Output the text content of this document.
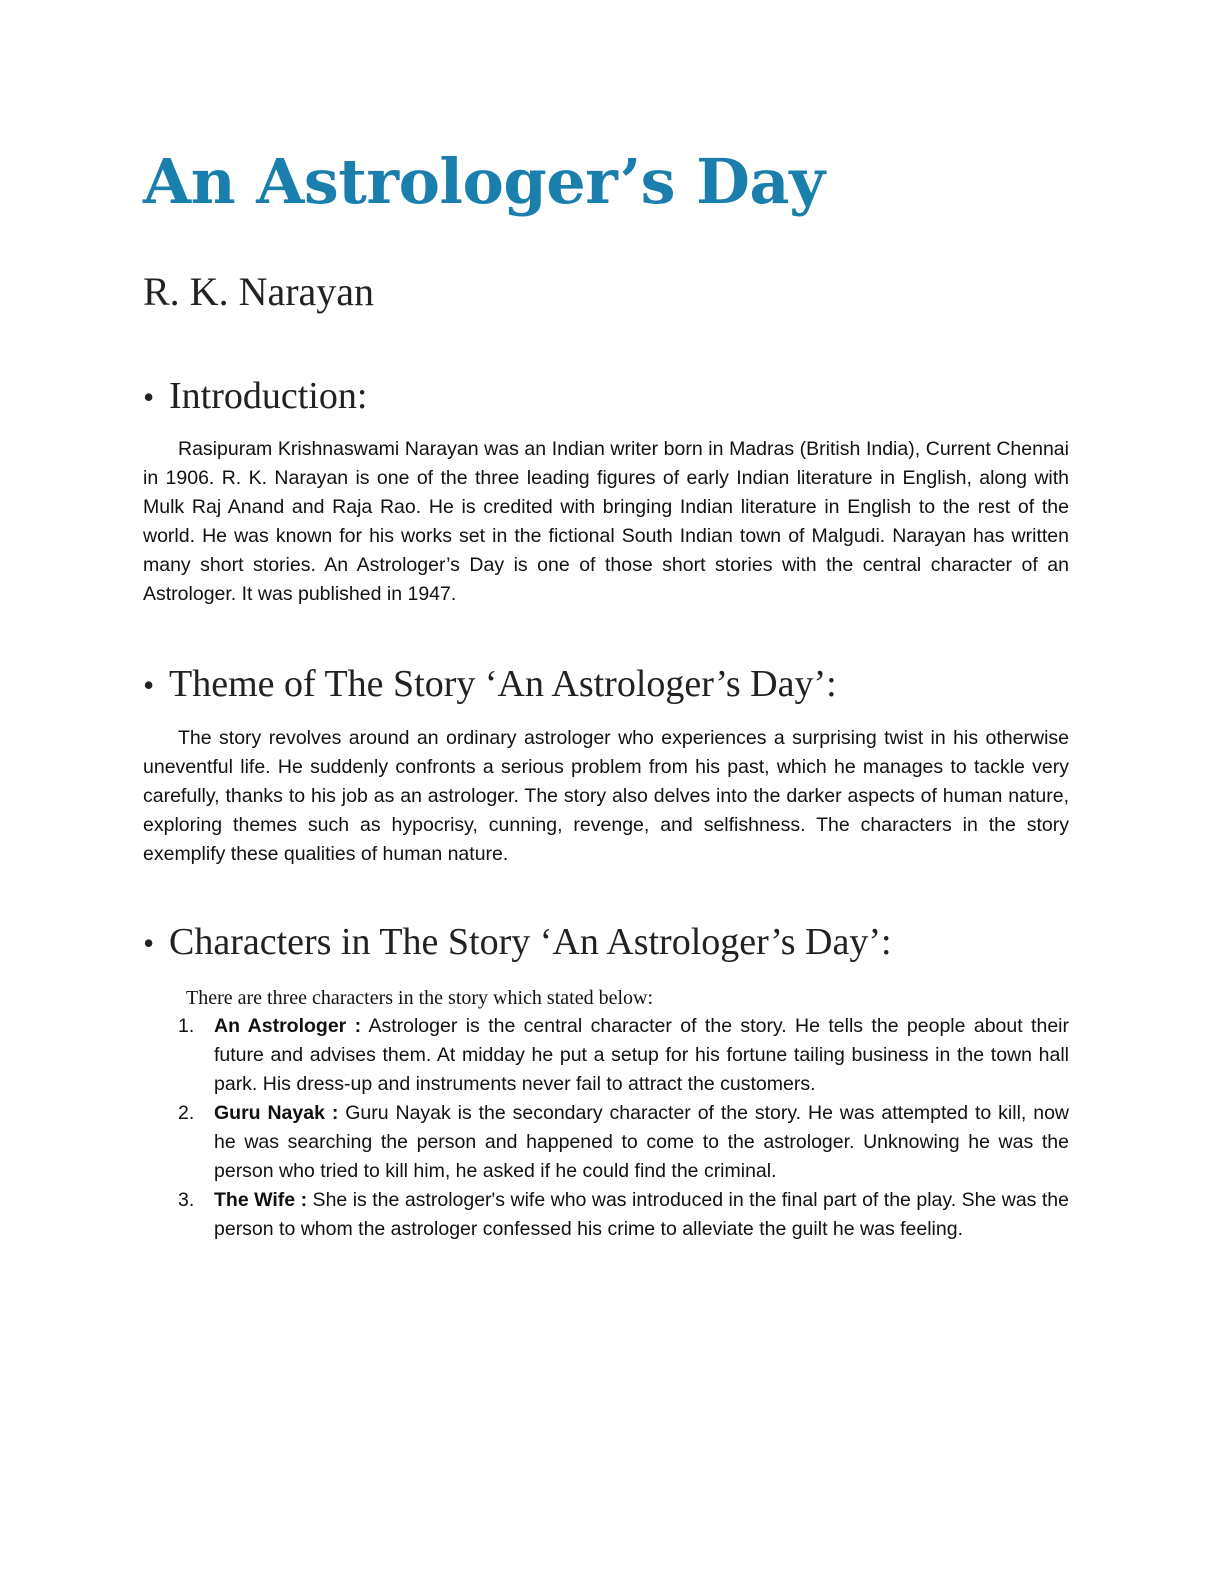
An Astrologer’s Day
R. K. Narayan
• Introduction:

Rasipuram Krishnaswami Narayan was an Indian writer born in Madras (British India), Current Chennai in 1906. R. K. Narayan is one of the three leading figures of early Indian literature in English, along with Mulk Raj Anand and Raja Rao. He is credited with bringing Indian literature in English to the rest of the world. He was known for his works set in the fictional South Indian town of Malgudi. Narayan has written many short stories. An Astrologer’s Day is one of those short stories with the central character of an Astrologer. It was published in 1947.

• Theme of The Story ‘An Astrologer’s Day’:

The story revolves around an ordinary astrologer who experiences a surprising twist in his otherwise uneventful life. He suddenly confronts a serious problem from his past, which he manages to tackle very carefully, thanks to his job as an astrologer. The story also delves into the darker aspects of human nature, exploring themes such as hypocrisy, cunning, revenge, and selfishness. The characters in the story exemplify these qualities of human nature.

• Characters in The Story ‘An Astrologer’s Day’:

There are three characters in the story which stated below:

1. An Astrologer : Astrologer is the central character of the story. He tells the people about their future and advises them. At midday he put a setup for his fortune tailing business in the town hall park. His dress-up and instruments never fail to attract the customers.
2. Guru Nayak : Guru Nayak is the secondary character of the story. He was attempted to kill, now he was searching the person and happened to come to the astrologer. Unknowing he was the person who tried to kill him, he asked if he could find the criminal.
3. The Wife : She is the astrologer's wife who was introduced in the final part of the play. She was the person to whom the astrologer confessed his crime to alleviate the guilt he was feeling.
